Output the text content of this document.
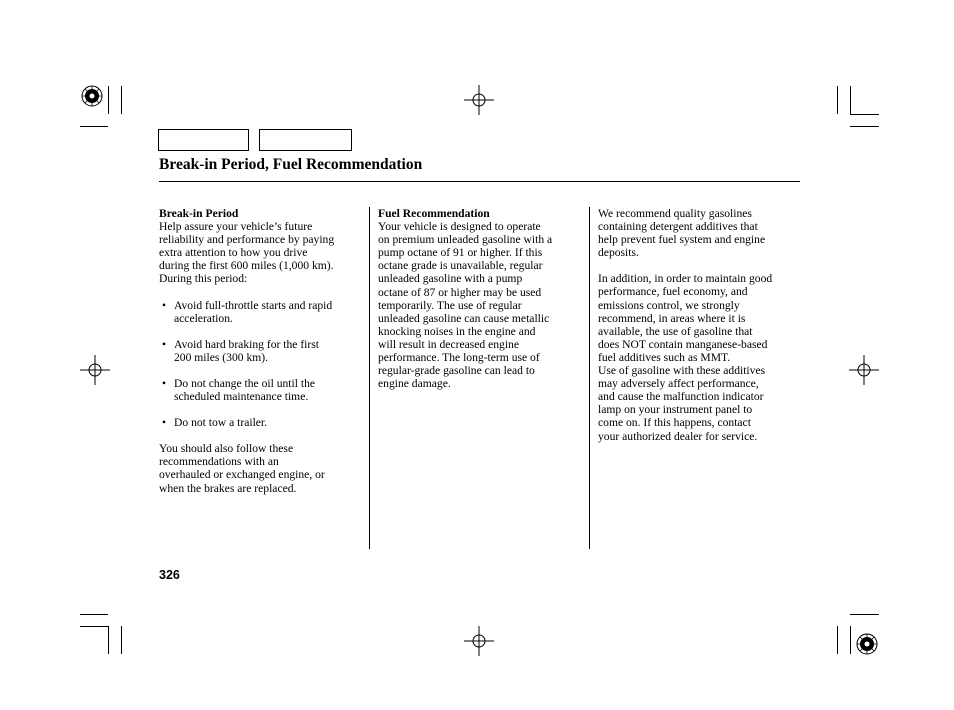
Break-in Period, Fuel Recommendation

Break-in Period

Help assure your vehicle’s future

reliability and performance by paying

extra attention to how you drive

during the first 600 miles (1,000 km).

During this period:

• Avoid full-throttle starts and rapid

acceleration.

• Avoid hard braking for the first

200 miles (300 km).

• Do not change the oil until the

scheduled maintenance time.

• Do not tow a trailer.

You should also follow these

recommendations with an

overhauled or exchanged engine, or

when the brakes are replaced.

Fuel Recommendation

Your vehicle is designed to operate

on premium unleaded gasoline with a

pump octane of 91 or higher. If this

octane grade is unavailable, regular

unleaded gasoline with a pump

octane of 87 or higher may be used

temporarily. The use of regular

unleaded gasoline can cause metallic

knocking noises in the engine and

will result in decreased engine

performance. The long-term use of

regular-grade gasoline can lead to

engine damage.

We recommend quality gasolines

containing detergent additives that

help prevent fuel system and engine

deposits.

In addition, in order to maintain good

performance, fuel economy, and

emissions control, we strongly

recommend, in areas where it is

available, the use of gasoline that

does NOT contain manganese-based

fuel additives such as MMT.

Use of gasoline with these additives

may adversely affect performance,

and cause the malfunction indicator

lamp on your instrument panel to

come on. If this happens, contact

your authorized dealer for service.

326
